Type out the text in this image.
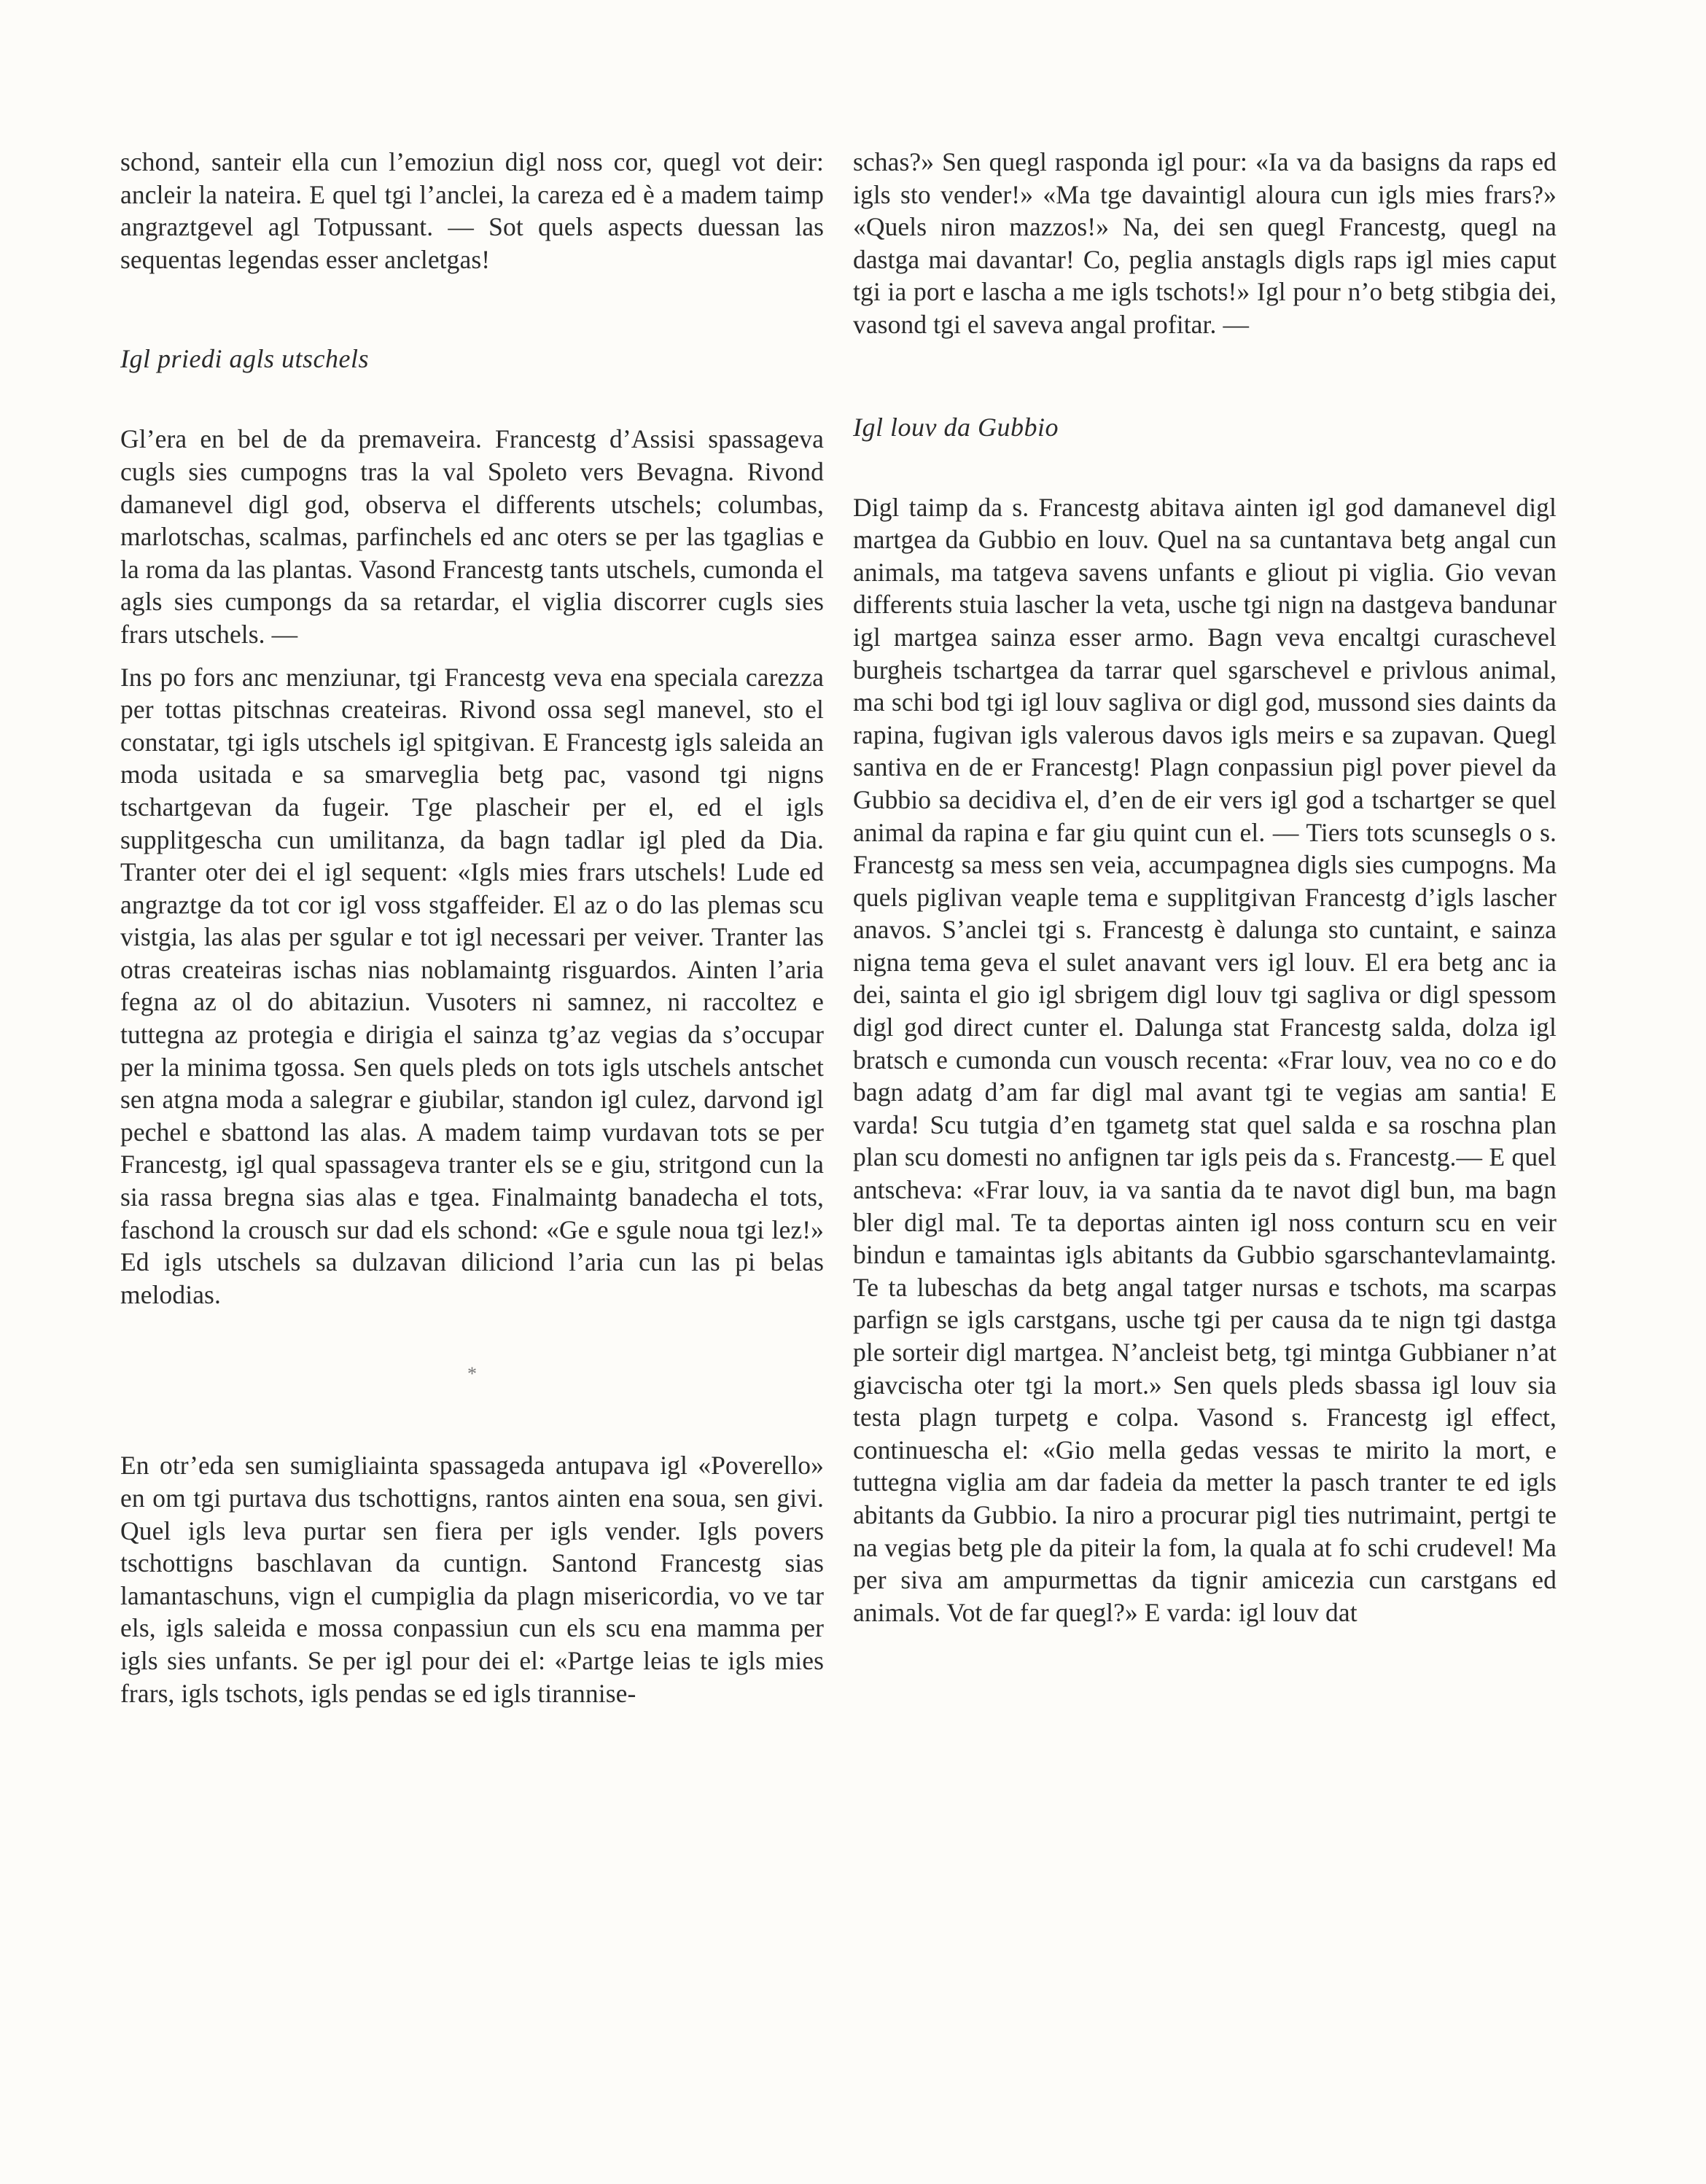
schond, santeir ella cun l’emoziun digl noss cor, quegl vot deir: ancleir la nateira. E quel tgi l’anclei, la careza ed è a madem taimp angraztgevel agl Totpussant. — Sot quels aspects duessan las sequentas legendas esser ancletgas!

Igl priedi agls utschels

Gl’era en bel de da premaveira. Francestg d’Assisi spassageva cugls sies cumpogns tras la val Spoleto vers Bevagna. Rivond damanevel digl god, observa el differents utschels; columbas, marlotschas, scalmas, parfinchels ed anc oters se per las tgaglias e la roma da las plantas. Vasond Francestg tants utschels, cumonda el agls sies cumpongs da sa retardar, el viglia discorrer cugls sies frars utschels. —

Ins po fors anc menziunar, tgi Francestg veva ena speciala carezza per tottas pitschnas createiras. Rivond ossa segl manevel, sto el constatar, tgi igls utschels igl spitgivan. E Francestg igls saleida an moda usitada e sa smarveglia betg pac, vasond tgi nigns tschartgevan da fugeir. Tge plascheir per el, ed el igls supplitgescha cun umilitanza, da bagn tadlar igl pled da Dia. Tranter oter dei el igl sequent: «Igls mies frars utschels! Lude ed angraztge da tot cor igl voss stgaffeider. El az o do las plemas scu vistgia, las alas per sgular e tot igl necessari per veiver. Tranter las otras createiras ischas nias noblamaintg risguardos. Ainten l’aria fegna az ol do abitaziun. Vusoters ni samnez, ni raccoltez e tuttegna az protegia e dirigia el sainza tg’az vegias da s’occupar per la minima tgossa. Sen quels pleds on tots igls utschels antschet sen atgna moda a salegrar e giubilar, standon igl culez, darvond igl pechel e sbattond las alas. A madem taimp vurdavan tots se per Francestg, igl qual spassageva tranter els se e giu, stritgond cun la sia rassa bregna sias alas e tgea. Finalmaintg banadecha el tots, faschond la crousch sur dad els schond: «Ge e sgule noua tgi lez!» Ed igls utschels sa dulzavan diliciond l’aria cun las pi belas melodias.

*

En otr’eda sen sumigliainta spassageda antupava igl «Poverello» en om tgi purtava dus tschottigns, rantos ainten ena soua, sen givi. Quel igls leva purtar sen fiera per igls vender. Igls povers tschottigns baschlavan da cuntign. Santond Francestg sias lamantaschuns, vign el cumpiglia da plagn misericordia, vo ve tar els, igls saleida e mossa conpassiun cun els scu ena mamma per igls sies unfants. Se per igl pour dei el: «Partge leias te igls mies frars, igls tschots, igls pendas se ed igls tirannise-

schas?» Sen quegl rasponda igl pour: «Ia va da basigns da raps ed igls sto vender!» «Ma tge davaintigl aloura cun igls mies frars?» «Quels niron mazzos!» Na, dei sen quegl Francestg, quegl na dastga mai davantar! Co, peglia anstagls digls raps igl mies caput tgi ia port e lascha a me igls tschots!» Igl pour n’o betg stibgia dei, vasond tgi el saveva angal profitar. —

Igl louv da Gubbio

Digl taimp da s. Francestg abitava ainten igl god damanevel digl martgea da Gubbio en louv. Quel na sa cuntantava betg angal cun animals, ma tatgeva savens unfants e gliout pi viglia. Gio vevan differents stuia lascher la veta, usche tgi nign na dastgeva bandunar igl martgea sainza esser armo. Bagn veva encaltgi curaschevel burgheis tschartgea da tarrar quel sgarschevel e privlous animal, ma schi bod tgi igl louv sagliva or digl god, mussond sies daints da rapina, fugivan igls valerous davos igls meirs e sa zupavan. Quegl santiva en de er Francestg! Plagn conpassiun pigl pover pievel da Gubbio sa decidiva el, d’en de eir vers igl god a tschartger se quel animal da rapina e far giu quint cun el. — Tiers tots scunsegls o s. Francestg sa mess sen veia, accumpagnea digls sies cumpogns. Ma quels piglivan veaple tema e supplitgivan Francestg d’igls lascher anavos. S’anclei tgi s. Francestg è dalunga sto cuntaint, e sainza nigna tema geva el sulet anavant vers igl louv. El era betg anc ia dei, sainta el gio igl sbrigem digl louv tgi sagliva or digl spessom digl god direct cunter el. Dalunga stat Francestg salda, dolza igl bratsch e cumonda cun vousch recenta: «Frar louv, vea no co e do bagn adatg d’am far digl mal avant tgi te vegias am santia! E varda! Scu tutgia d’en tgametg stat quel salda e sa roschna plan plan scu domesti no anfignen tar igls peis da s. Francestg.— E quel antscheva: «Frar louv, ia va santia da te navot digl bun, ma bagn bler digl mal. Te ta deportas ainten igl noss conturn scu en veir bindun e tamaintas igls abitants da Gubbio sgarschantevlamaintg. Te ta lubeschas da betg angal tatger nursas e tschots, ma scarpas parfign se igls carstgans, usche tgi per causa da te nign tgi dastga ple sorteir digl martgea. N’ancleist betg, tgi mintga Gubbianer n’at giavcischa oter tgi la mort.» Sen quels pleds sbassa igl louv sia testa plagn turpetg e colpa. Vasond s. Francestg igl effect, continuescha el: «Gio mella gedas vessas te mirito la mort, e tuttegna viglia am dar fadeia da metter la pasch tranter te ed igls abitants da Gubbio. Ia niro a procurar pigl ties nutrimaint, pertgi te na vegias betg ple da piteir la fom, la quala at fo schi crudevel! Ma per siva am ampurmettas da tignir amicezia cun carstgans ed animals. Vot de far quegl?» E varda: igl louv dat
